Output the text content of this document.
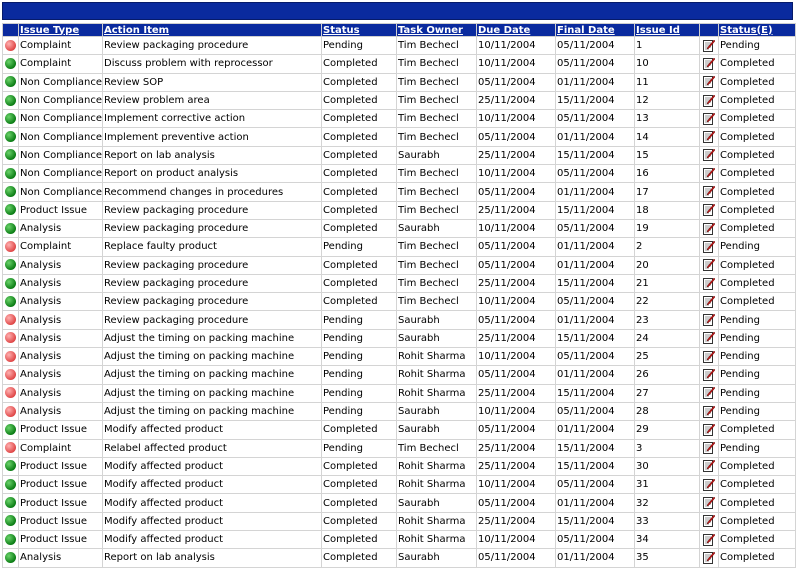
	Issue Type	Action Item	Status	Task Owner	Due Date	Final Date	Issue Id		Status(E)
	Complaint	Review packaging procedure	Pending	Tim Bechecl	10/11/2004	05/11/2004	1		Pending
	Complaint	Discuss problem with reprocessor	Completed	Tim Bechecl	10/11/2004	05/11/2004	10		Completed
	Non Compliance	Review SOP	Completed	Tim Bechecl	05/11/2004	01/11/2004	11		Completed
	Non Compliance	Review problem area	Completed	Tim Bechecl	25/11/2004	15/11/2004	12		Completed
	Non Compliance	Implement corrective action	Completed	Tim Bechecl	10/11/2004	05/11/2004	13		Completed
	Non Compliance	Implement preventive action	Completed	Tim Bechecl	05/11/2004	01/11/2004	14		Completed
	Non Compliance	Report on lab analysis	Completed	Saurabh	25/11/2004	15/11/2004	15		Completed
	Non Compliance	Report on product analysis	Completed	Tim Bechecl	10/11/2004	05/11/2004	16		Completed
	Non Compliance	Recommend changes in procedures	Completed	Tim Bechecl	05/11/2004	01/11/2004	17		Completed
	Product Issue	Review packaging procedure	Completed	Tim Bechecl	25/11/2004	15/11/2004	18		Completed
	Analysis	Review packaging procedure	Completed	Saurabh	10/11/2004	05/11/2004	19		Completed
	Complaint	Replace faulty product	Pending	Tim Bechecl	05/11/2004	01/11/2004	2		Pending
	Analysis	Review packaging procedure	Completed	Tim Bechecl	05/11/2004	01/11/2004	20		Completed
	Analysis	Review packaging procedure	Completed	Tim Bechecl	25/11/2004	15/11/2004	21		Completed
	Analysis	Review packaging procedure	Completed	Tim Bechecl	10/11/2004	05/11/2004	22		Completed
	Analysis	Review packaging procedure	Pending	Saurabh	05/11/2004	01/11/2004	23		Pending
	Analysis	Adjust the timing on packing machine	Pending	Saurabh	25/11/2004	15/11/2004	24		Pending
	Analysis	Adjust the timing on packing machine	Pending	Rohit Sharma	10/11/2004	05/11/2004	25		Pending
	Analysis	Adjust the timing on packing machine	Pending	Rohit Sharma	05/11/2004	01/11/2004	26		Pending
	Analysis	Adjust the timing on packing machine	Pending	Rohit Sharma	25/11/2004	15/11/2004	27		Pending
	Analysis	Adjust the timing on packing machine	Pending	Saurabh	10/11/2004	05/11/2004	28		Pending
	Product Issue	Modify affected product	Completed	Saurabh	05/11/2004	01/11/2004	29		Completed
	Complaint	Relabel affected product	Pending	Tim Bechecl	25/11/2004	15/11/2004	3		Pending
	Product Issue	Modify affected product	Completed	Rohit Sharma	25/11/2004	15/11/2004	30		Completed
	Product Issue	Modify affected product	Completed	Rohit Sharma	10/11/2004	05/11/2004	31		Completed
	Product Issue	Modify affected product	Completed	Saurabh	05/11/2004	01/11/2004	32		Completed
	Product Issue	Modify affected product	Completed	Rohit Sharma	25/11/2004	15/11/2004	33		Completed
	Product Issue	Modify affected product	Completed	Rohit Sharma	10/11/2004	05/11/2004	34		Completed
	Analysis	Report on lab analysis	Completed	Saurabh	05/11/2004	01/11/2004	35		Completed
